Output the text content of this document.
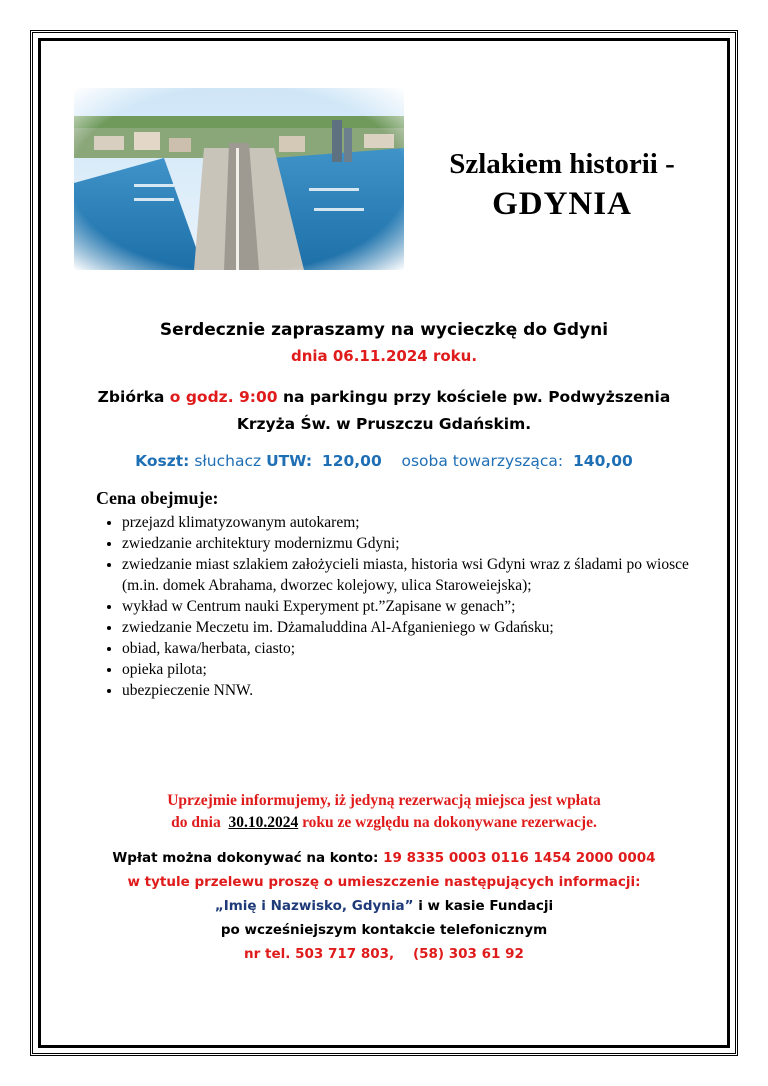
Szlakiem historii -
GDYNIA
Serdecznie zapraszamy na wycieczkę do Gdyni
dnia 06.11.2024 roku.
Zbiórka o godz. 9:00 na parkingu przy kościele pw. Podwyższenia
Krzyża Św. w Pruszczu Gdańskim.
Koszt: słuchacz UTW: 120,00 osoba towarzysząca: 140,00
Cena obejmuje:
• przejazd klimatyzowanym autokarem;
• zwiedzanie architektury modernizmu Gdyni;
• zwiedzanie miast szlakiem założycieli miasta, historia wsi Gdyni wraz z śladami po wiosce (m.in. domek Abrahama, dworzec kolejowy, ulica Staroweiejska);
• wykład w Centrum nauki Experyment pt.”Zapisane w genach”;
• zwiedzanie Meczetu im. Dżamaluddina Al-Afganieniego w Gdańsku;
• obiad, kawa/herbata, ciasto;
• opieka pilota;
• ubezpieczenie NNW.
Uprzejmie informujemy, iż jedyną rezerwacją miejsca jest wpłata
do dnia 30.10.2024 roku ze względu na dokonywane rezerwacje.
Wpłat można dokonywać na konto: 19 8335 0003 0116 1454 2000 0004
w tytule przelewu proszę o umieszczenie następujących informacji:
„Imię i Nazwisko, Gdynia” i w kasie Fundacji
po wcześniejszym kontakcie telefonicznym
nr tel. 503 717 803,    (58) 303 61 92
